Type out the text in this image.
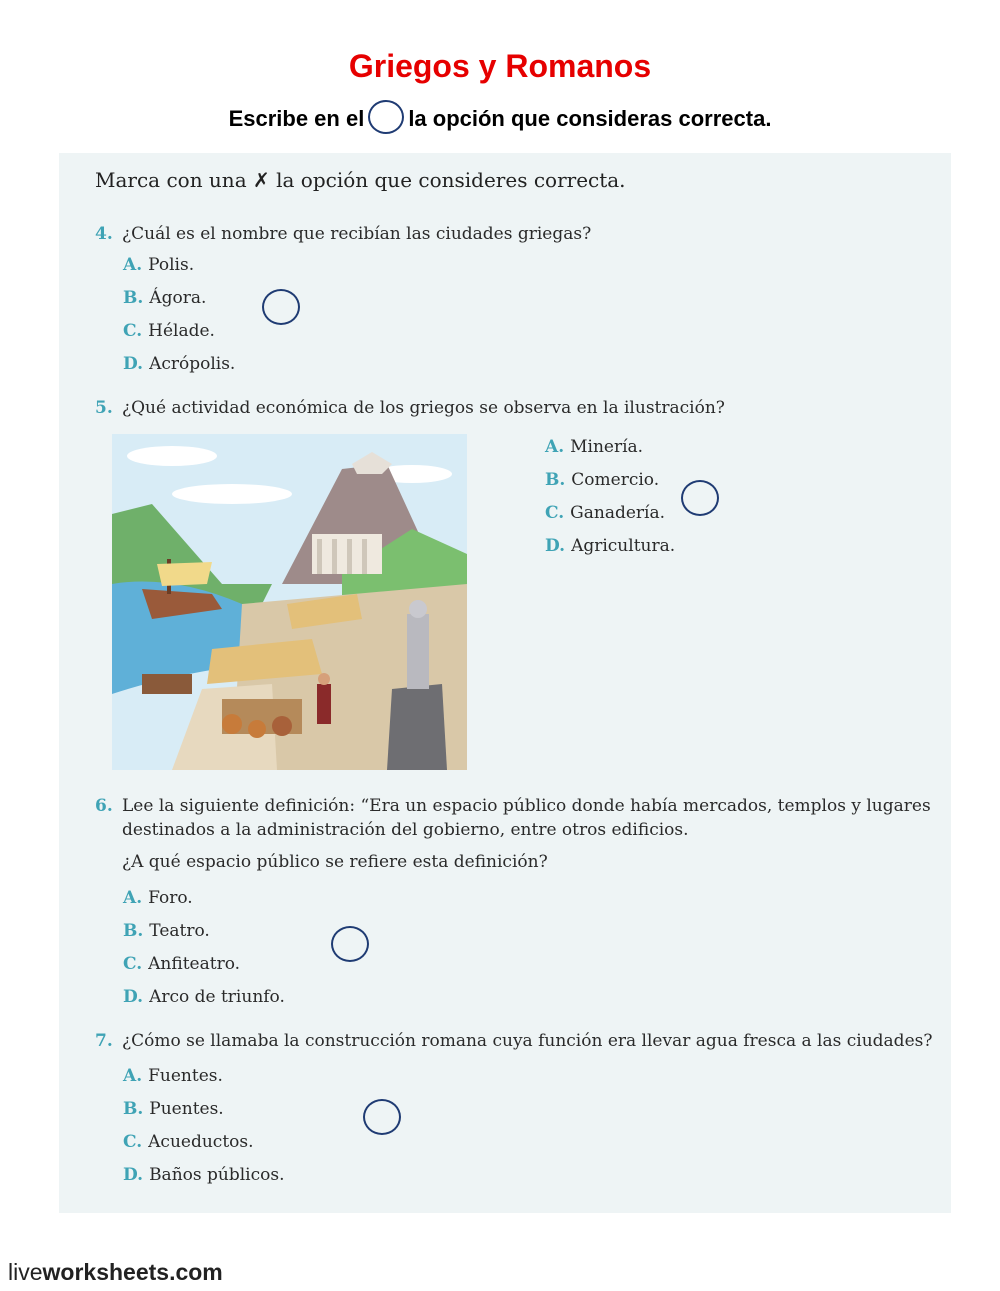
Griegos y Romanos
Escribe en el la opción que consideras correcta.
Marca con una ✗ la opción que consideres correcta.
4. ¿Cuál es el nombre que recibían las ciudades griegas?
A. Polis.
B. Ágora.
C. Hélade.
D. Acrópolis.
5. ¿Qué actividad económica de los griegos se observa en la ilustración?
A. Minería.
B. Comercio.
C. Ganadería.
D. Agricultura.
6. Lee la siguiente definición: “Era un espacio público donde había mercados, templos y lugares
destinados a la administración del gobierno, entre otros edificios.
¿A qué espacio público se refiere esta definición?
A. Foro.
B. Teatro.
C. Anfiteatro.
D. Arco de triunfo.
7. ¿Cómo se llamaba la construcción romana cuya función era llevar agua fresca a las ciudades?
A. Fuentes.
B. Puentes.
C. Acueductos.
D. Baños públicos.
liveworksheets.com
